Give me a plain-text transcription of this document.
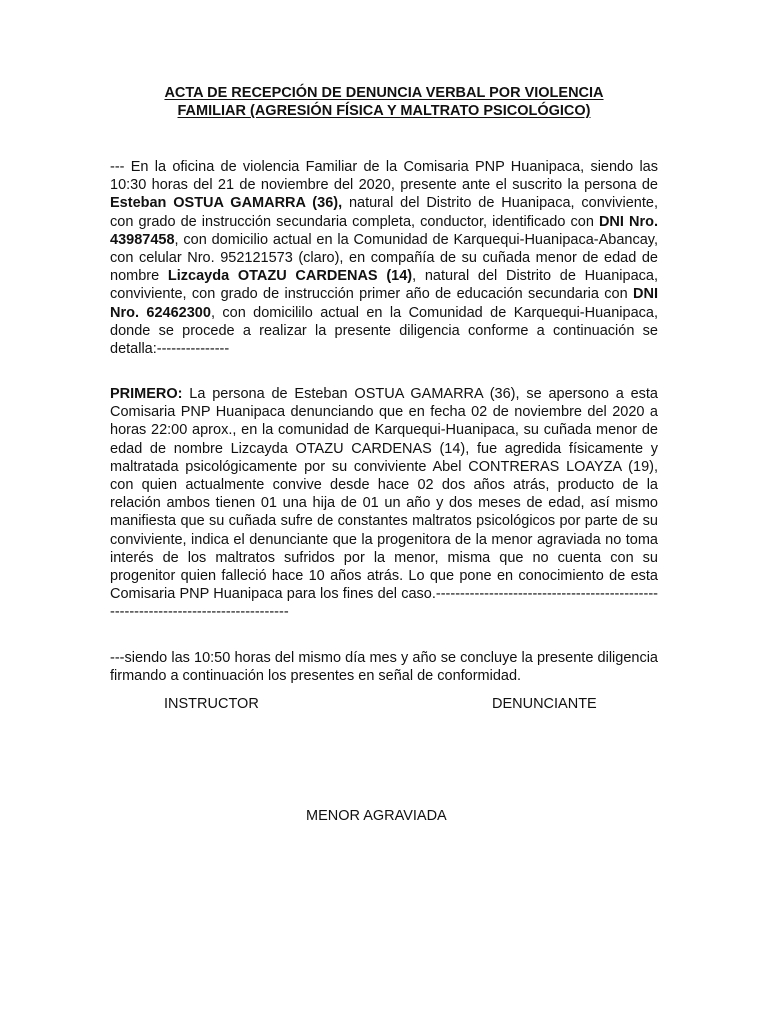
ACTA DE RECEPCIÓN DE DENUNCIA VERBAL POR VIOLENCIA
FAMILIAR (AGRESIÓN FÍSICA Y MALTRATO PSICOLÓGICO)
--- En la oficina de violencia Familiar de la Comisaria PNP Huanipaca, siendo las 10:30 horas del 21 de noviembre del 2020, presente ante el suscrito la persona de Esteban OSTUA GAMARRA (36), natural del Distrito de Huanipaca, conviviente, con grado de instrucción secundaria completa, conductor, identificado con DNI Nro. 43987458, con domicilio actual en la Comunidad de Karquequi-Huanipaca-Abancay, con celular Nro. 952121573 (claro), en compañía de su cuñada menor de edad de nombre Lizcayda OTAZU CARDENAS (14), natural del Distrito de Huanipaca, conviviente, con grado de instrucción primer año de educación secundaria con DNI Nro. 62462300, con domicililo actual en la Comunidad de Karquequi-Huanipaca, donde se procede a realizar la presente diligencia conforme a continuación se detalla:---------------
PRIMERO: La persona de Esteban OSTUA GAMARRA (36), se apersono a esta Comisaria PNP Huanipaca denunciando que en fecha 02 de noviembre del 2020 a horas 22:00 aprox., en la comunidad de Karquequi-Huanipaca, su cuñada menor de edad de nombre Lizcayda OTAZU CARDENAS (14), fue agredida físicamente y maltratada psicológicamente por su conviviente Abel CONTRERAS LOAYZA (19), con quien actualmente convive desde hace 02 dos años atrás, producto de la relación ambos tienen 01 una hija de 01 un año y dos meses de edad, así mismo manifiesta que su cuñada sufre de constantes maltratos psicológicos por parte de su conviviente, indica el denunciante que la progenitora de la menor agraviada no toma interés de los maltratos sufridos por la menor, misma que no cuenta con su progenitor quien falleció hace 10 años atrás. Lo que pone en conocimiento de esta Comisaria PNP Huanipaca para los fines del caso.-----------------------------------------------------------------------------------
---siendo las 10:50 horas del mismo día mes y año se concluye la presente diligencia firmando a continuación los presentes en señal de conformidad.
INSTRUCTOR	DENUNCIANTE
MENOR AGRAVIADA
